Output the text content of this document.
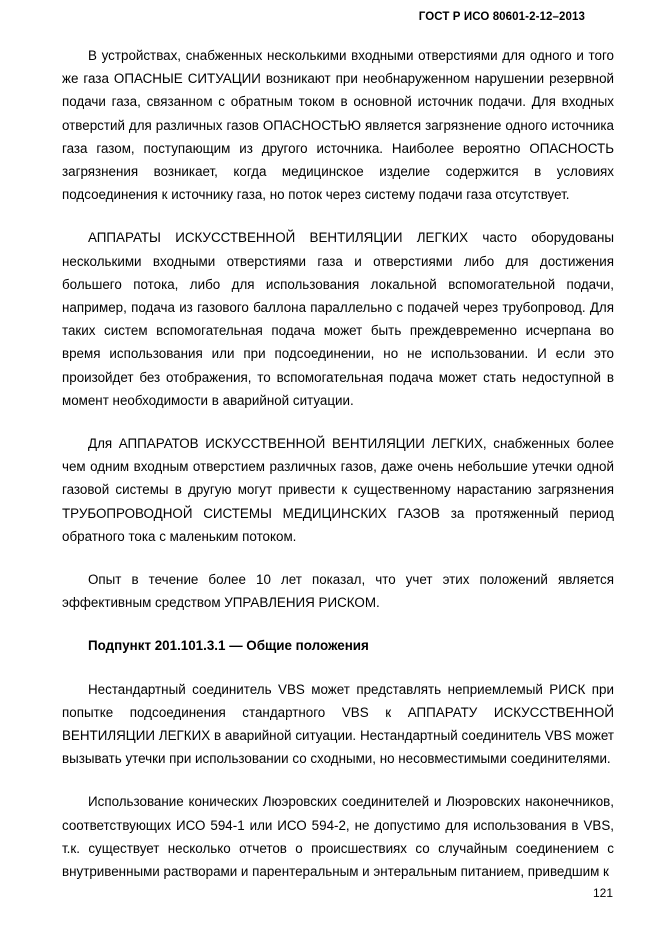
ГОСТ Р ИСО 80601-2-12–2013

В устройствах, снабженных несколькими входными отверстиями для одного и того же газа ОПАСНЫЕ СИТУАЦИИ возникают при необнаруженном нарушении резервной подачи газа, связанном с обратным током в основной источник подачи. Для входных отверстий для различных газов ОПАСНОСТЬЮ является загрязнение одного источника газа газом, поступающим из другого источника. Наиболее вероятно ОПАСНОСТЬ загрязнения возникает, когда медицинское изделие содержится в условиях подсоединения к источнику газа, но поток через систему подачи газа отсутствует.

АППАРАТЫ ИСКУССТВЕННОЙ ВЕНТИЛЯЦИИ ЛЕГКИХ часто оборудованы несколькими входными отверстиями газа и отверстиями либо для достижения большего потока, либо для использования локальной вспомогательной подачи, например, подача из газового баллона параллельно с подачей через трубопровод. Для таких систем вспомогательная подача может быть преждевременно исчерпана во время использования или при подсоединении, но не использовании. И если это произойдет без отображения, то вспомогательная подача может стать недоступной в момент необходимости в аварийной ситуации.

Для АППАРАТОВ ИСКУССТВЕННОЙ ВЕНТИЛЯЦИИ ЛЕГКИХ, снабженных более чем одним входным отверстием различных газов, даже очень небольшие утечки одной газовой системы в другую могут привести к существенному нарастанию загрязнения ТРУБОПРОВОДНОЙ СИСТЕМЫ МЕДИЦИНСКИХ ГАЗОВ за протяженный период обратного тока с маленьким потоком.

Опыт в течение более 10 лет показал, что учет этих положений является эффективным средством УПРАВЛЕНИЯ РИСКОМ.

Подпункт 201.101.3.1 — Общие положения

Нестандартный соединитель VBS может представлять неприемлемый РИСК при попытке подсоединения стандартного VBS к АППАРАТУ ИСКУССТВЕННОЙ ВЕНТИЛЯЦИИ ЛЕГКИХ в аварийной ситуации. Нестандартный соединитель VBS может вызывать утечки при использовании со сходными, но несовместимыми соединителями.

Использование конических Люэровских соединителей и Люэровских наконечников, соответствующих ИСО 594-1 или ИСО 594-2, не допустимо для использования в VBS, т.к. существует несколько отчетов о происшествиях со случайным соединением с внутривенными растворами и парентеральным и энтеральным питанием, приведшим к

121
